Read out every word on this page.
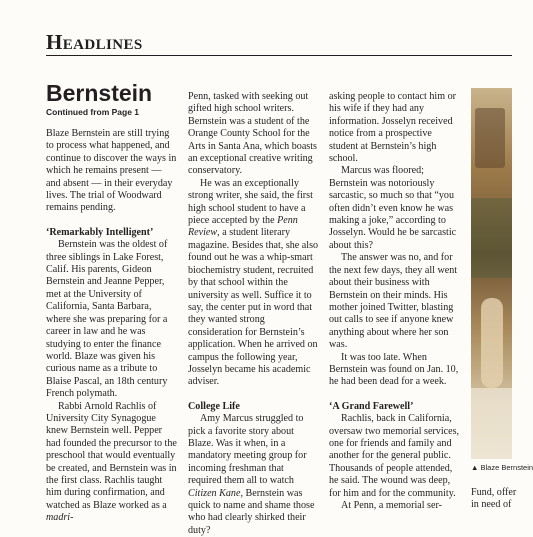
Headlines
Bernstein
Continued from Page 1

Blaze Bernstein are still trying to process what happened, and continue to discover the ways in which he remains present — and absent — in their everyday lives. The trial of Woodward remains pending.

‘Remarkably Intelligent’

Bernstein was the oldest of three siblings in Lake Forest, Calif. His parents, Gideon Bernstein and Jeanne Pepper, met at the University of California, Santa Barbara, where she was preparing for a career in law and he was studying to enter the finance world. Blaze was given his curious name as a tribute to Blaise Pascal, an 18th century French polymath.

Rabbi Arnold Rachlis of University City Synagogue knew Bernstein well. Pepper had founded the precursor to the preschool that would eventually be created, and Bernstein was in the first class. Rachlis taught him during confirmation, and watched as Blaze worked as a madri-

Penn, tasked with seeking out gifted high school writers. Bernstein was a student of the Orange County School for the Arts in Santa Ana, which boasts an exceptional creative writing conservatory.

He was an exceptionally strong writer, she said, the first high school student to have a piece accepted by the Penn Review, a student literary magazine. Besides that, she also found out he was a whip-smart biochemistry student, recruited by that school within the university as well. Suffice it to say, the center put in word that they wanted strong consideration for Bernstein’s application. When he arrived on campus the following year, Josselyn became his academic adviser.

College Life

Amy Marcus struggled to pick a favorite story about Blaze. Was it when, in a mandatory meeting group for incoming freshman that required them all to watch Citizen Kane, Bernstein was quick to name and shame those who had clearly shirked their duty?

asking people to contact him or his wife if they had any information. Josselyn received notice from a prospective student at Bernstein’s high school.

Marcus was floored; Bernstein was notoriously sarcastic, so much so that “you often didn’t even know he was making a joke,” according to Josselyn. Would he be sarcastic about this?

The answer was no, and for the next few days, they all went about their business with Bernstein on their minds. His mother joined Twitter, blasting out calls to see if anyone knew anything about where her son was.

It was too late. When Bernstein was found on Jan. 10, he had been dead for a week.

‘A Grand Farewell’

Rachlis, back in California, oversaw two memorial services, one for friends and family and another for the general public. Thousands of people attended, he said. The wound was deep, for him and for the community.

At Penn, a memorial ser-

▲ Blaze Bernstein

Fund, offer

in need of
